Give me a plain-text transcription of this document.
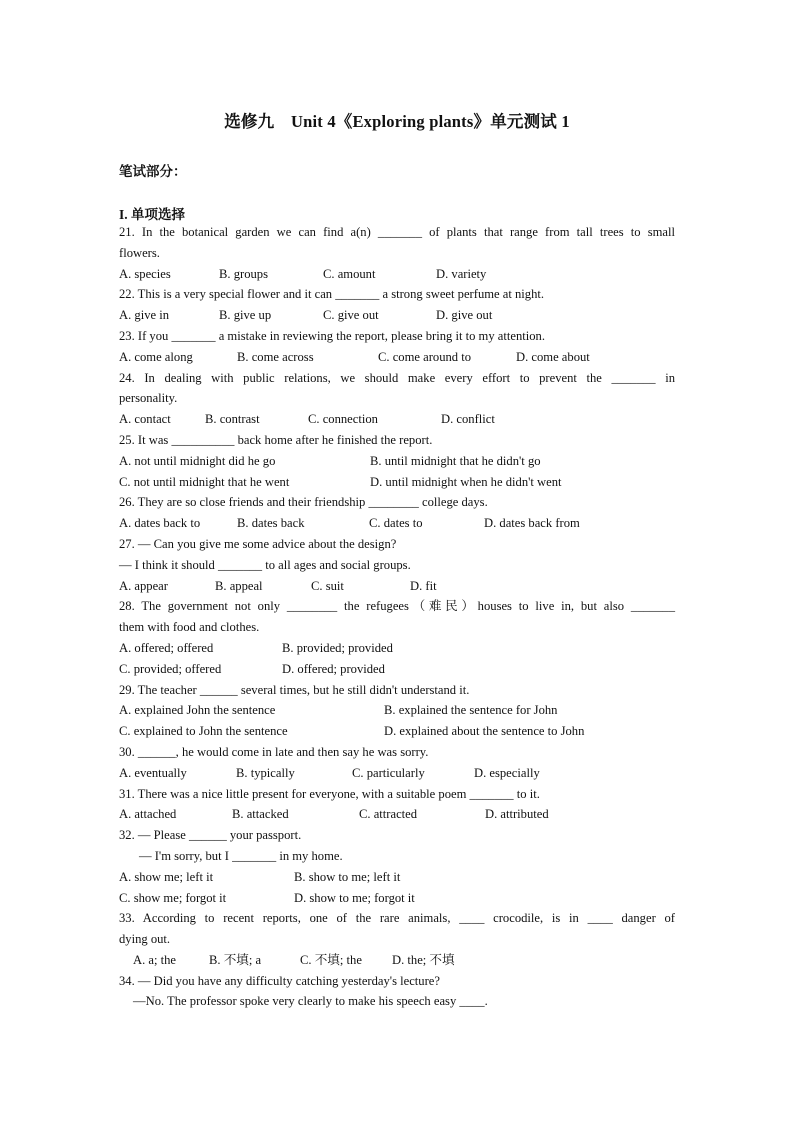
选修九　Unit 4《Exploring plants》单元测试 1
笔试部分：
I. 单项选择
21. In the botanical garden we can find a(n) _______ of plants that range from tall trees to small
flowers.
A. species	B. groups	C. amount	D. variety
22. This is a very special flower and it can _______ a strong sweet perfume at night.
A. give in	B. give up	C. give out	D. give out
23. If you _______ a mistake in reviewing the report, please bring it to my attention.
A. come along	B. come across	C. come around to	D. come about
24. In dealing with public relations, we should make every effort to prevent the _______ in
personality.
A. contact	B. contrast	C. connection	D. conflict
25. It was __________ back home after he finished the report.
A. not until midnight did he go	B. until midnight that he didn't go
C. not until midnight that he went	D. until midnight when he didn't went
26. They are so close friends and their friendship ________ college days.
A. dates back to	B. dates back	C. dates to	D. dates back from
27. — Can you give me some advice about the design?
— I think it should _______ to all ages and social groups.
A. appear	B. appeal	C. suit	D. fit
28. The government not only ________ the refugees（难民）houses to live in, but also _______
them with food and clothes.
A. offered; offered	B. provided; provided
C. provided; offered	D. offered; provided
29. The teacher ______ several times, but he still didn't understand it.
A. explained John the sentence	B. explained the sentence for John
C. explained to John the sentence	D. explained about the sentence to John
30. ______, he would come in late and then say he was sorry.
A. eventually	B. typically	C. particularly	D. especially
31. There was a nice little present for everyone, with a suitable poem _______ to it.
A. attached	B. attacked	C. attracted	D. attributed
32. — Please ______ your passport.
— I'm sorry, but I _______ in my home.
A. show me; left it	B. show to me; left it
C. show me; forgot it	D. show to me; forgot it
33. According to recent reports, one of the rare animals, ____ crocodile, is in ____ danger of
dying out.
A. a; the	B. 不填; a	C. 不填; the D. the; 不填
34. — Did you have any difficulty catching yesterday's lecture?
—No. The professor spoke very clearly to make his speech easy ____.
